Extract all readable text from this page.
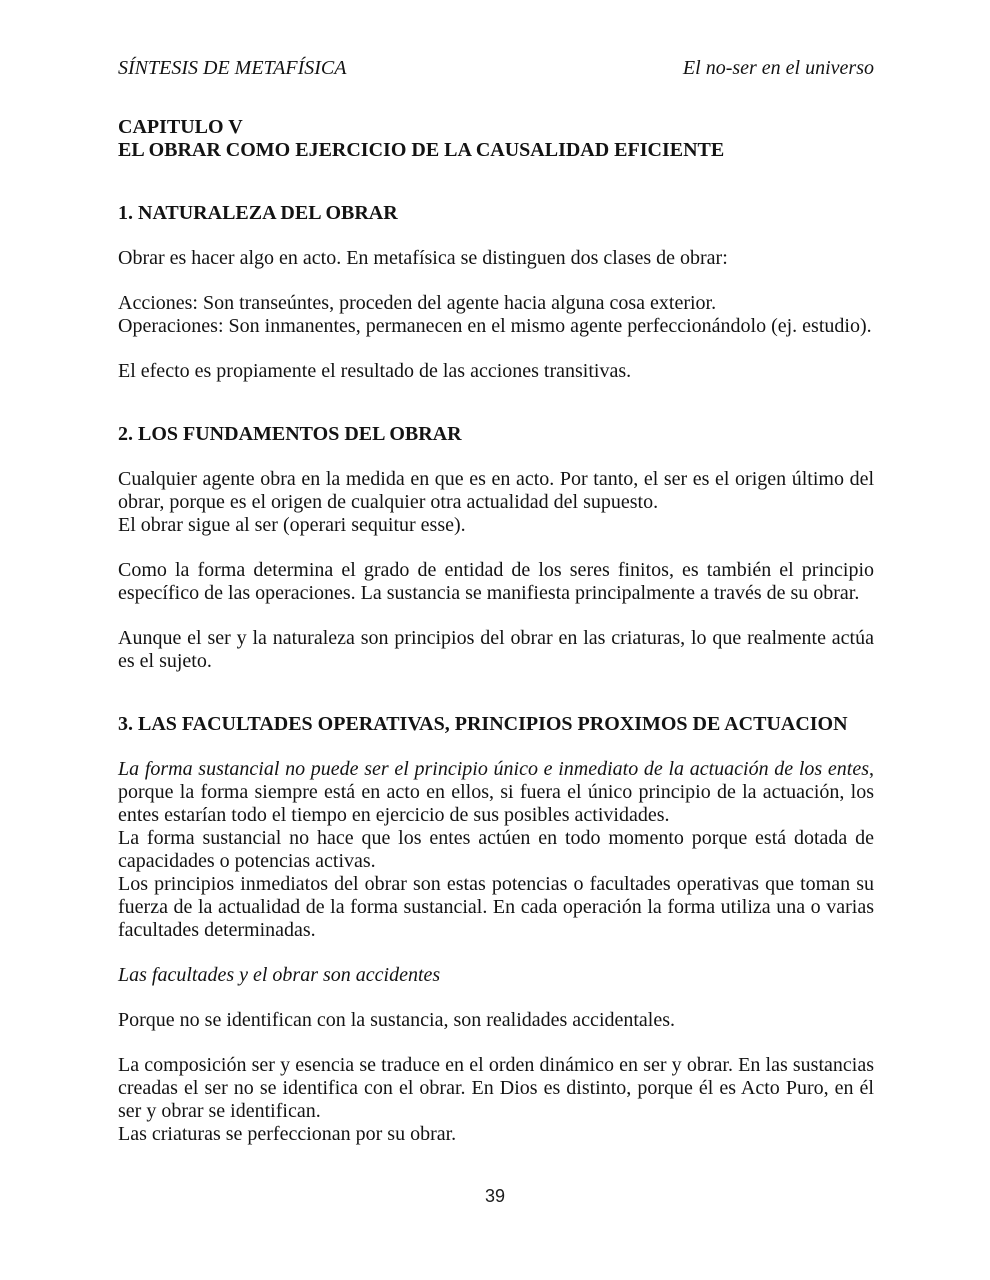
SÍNTESIS DE METAFÍSICA	El no-ser en el universo

CAPITULO V

EL OBRAR COMO EJERCICIO DE LA CAUSALIDAD EFICIENTE

1. NATURALEZA DEL OBRAR

Obrar es hacer algo en acto. En metafísica se distinguen dos clases de obrar:

Acciones: Son transeúntes, proceden del agente hacia alguna cosa exterior.

Operaciones: Son inmanentes, permanecen en el mismo agente perfeccionándolo (ej. estudio).

El efecto es propiamente el resultado de las acciones transitivas.

2. LOS FUNDAMENTOS DEL OBRAR

Cualquier agente obra en la medida en que es en acto. Por tanto, el ser es el origen último del obrar, porque es el origen de cualquier otra actualidad del supuesto.

El obrar sigue al ser (operari sequitur esse).

Como la forma determina el grado de entidad de los seres finitos, es también el principio específico de las operaciones. La sustancia se manifiesta principalmente a través de su obrar.

Aunque el ser y la naturaleza son principios del obrar en las criaturas, lo que realmente actúa es el sujeto.

3. LAS FACULTADES OPERATIVAS, PRINCIPIOS PROXIMOS DE ACTUACION

La forma sustancial no puede ser el principio único e inmediato de la actuación de los entes, porque la forma siempre está en acto en ellos, si fuera el único principio de la actuación, los entes estarían todo el tiempo en ejercicio de sus posibles actividades.

La forma sustancial no hace que los entes actúen en todo momento porque está dotada de capacidades o potencias activas.

Los principios inmediatos del obrar son estas potencias o facultades operativas que toman su fuerza de la actualidad de la forma sustancial. En cada operación la forma utiliza una o varias facultades determinadas.

Las facultades y el obrar son accidentes

Porque no se identifican con la sustancia, son realidades accidentales.

La composición ser y esencia se traduce en el orden dinámico en ser y obrar. En las sustancias creadas el ser no se identifica con el obrar. En Dios es distinto, porque él es Acto Puro, en él ser y obrar se identifican.

Las criaturas se perfeccionan por su obrar.

39
